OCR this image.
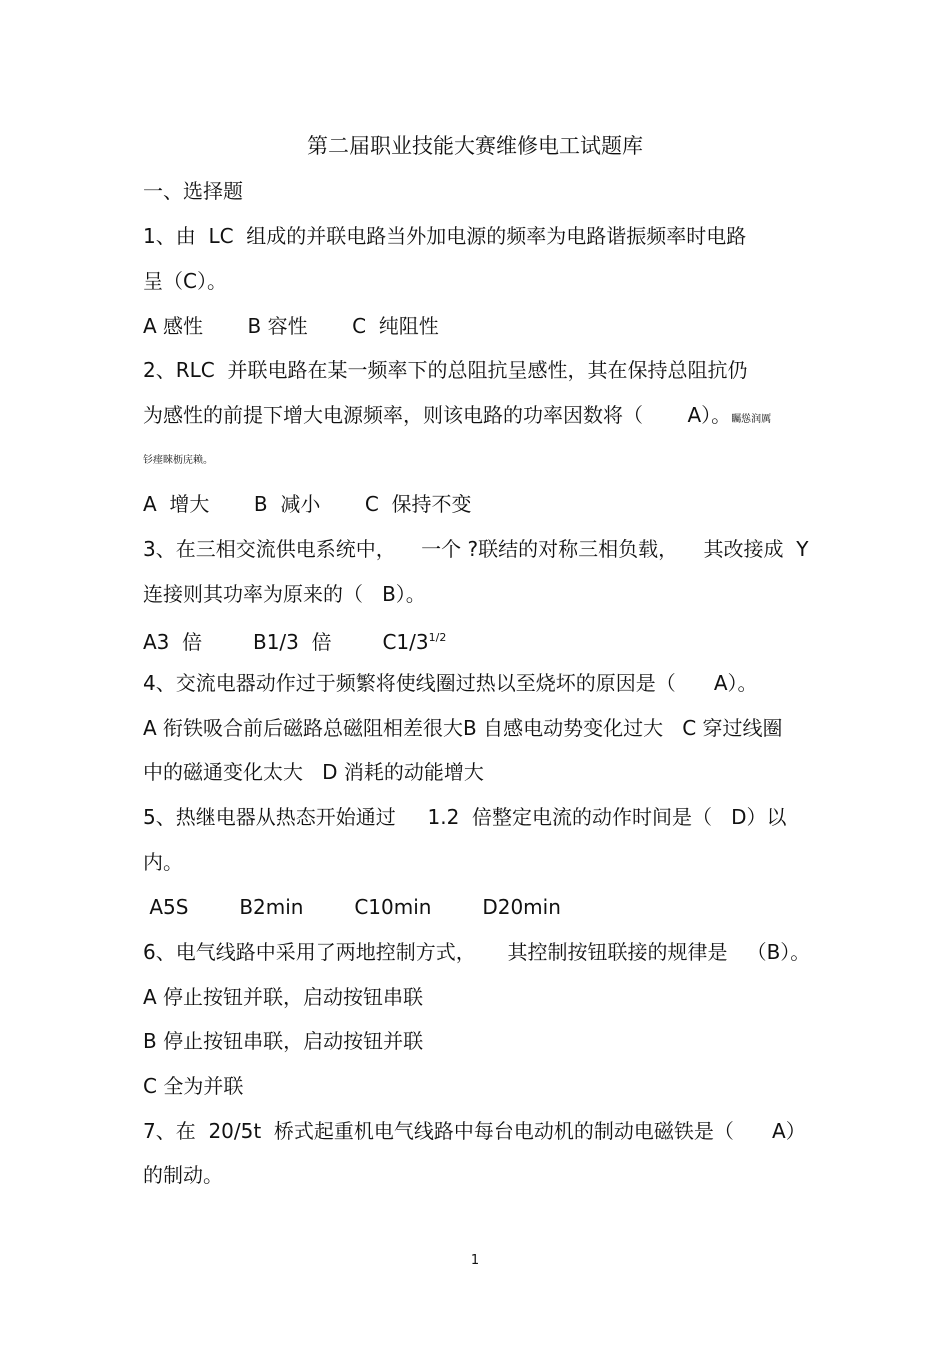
第二届职业技能大赛维修电工试题库
一、选择题
1、由  LC  组成的并联电路当外加电源的频率为电路谐振频率时电路
呈（C）。
A 感性       B 容性       C  纯阻性
2、RLC  并联电路在某一频率下的总阻抗呈感性，其在保持总阻抗仍
为感性的前提下增大电源频率，则该电路的功率因数将（       A）。矚慫润厲
钐瘗睞枥庑赖。
A  增大       B  减小       C  保持不变
3、在三相交流供电系统中，    一个 ?联结的对称三相负载，    其改接成  Y
连接则其功率为原来的（   B）。
A3  倍        B1/3  倍        $C1/3^{1/2}$
4、交流电器动作过于频繁将使线圈过热以至烧坏的原因是（      A）。
A 衔铁吸合前后磁路总磁阻相差很大B 自感电动势变化过大   C 穿过线圈
中的磁通变化太大   D 消耗的动能增大
5、热继电器从热态开始通过     1.2  倍整定电流的动作时间是（   D）以
内。
A5S        B2min        C10min        D20min
6、电气线路中采用了两地控制方式，     其控制按钮联接的规律是   （B）。
A 停止按钮并联，启动按钮串联
B 停止按钮串联，启动按钮并联
C 全为并联
7、在  20/5t  桥式起重机电气线路中每台电动机的制动电磁铁是（      A）
的制动。
1
